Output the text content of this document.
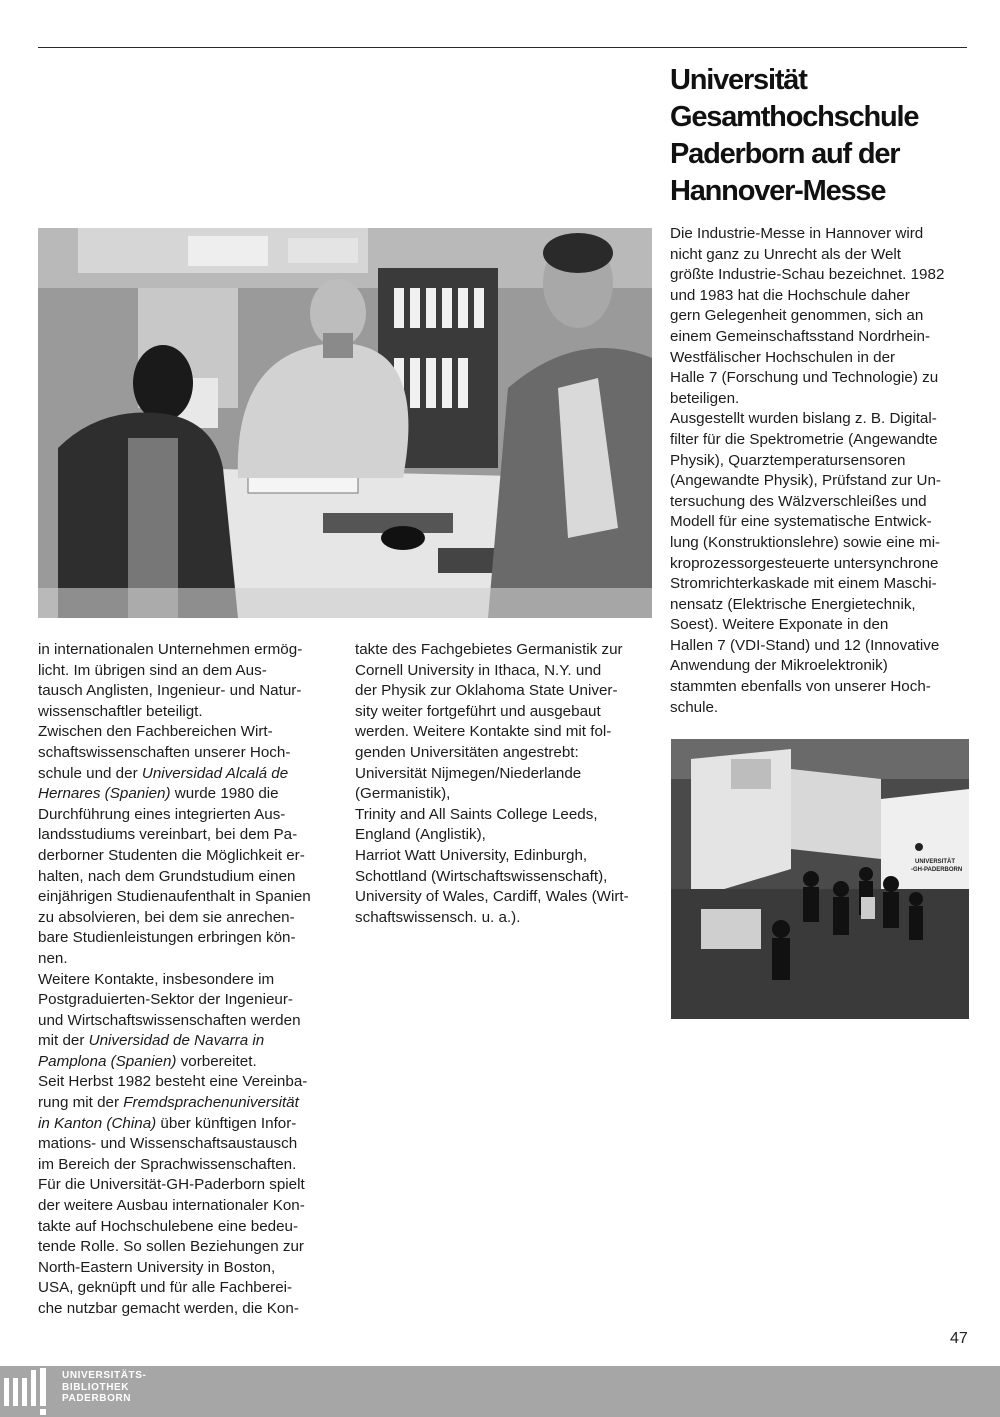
Universität
Gesamthochschule
Paderborn auf der
Hannover-Messe
UNIVERSITÄT
-GH-PADERBORN

in internationalen Unternehmen ermög-
licht. Im übrigen sind an dem Aus-
tausch Anglisten, Ingenieur- und Natur-
wissenschaftler beteiligt.

Zwischen den Fachbereichen Wirt-
schaftswissenschaften unserer Hoch-
schule und der Universidad Alcalá de
Hernares (Spanien) wurde 1980 die
Durchführung eines integrierten Aus-
landsstudiums vereinbart, bei dem Pa-
derborner Studenten die Möglichkeit er-
halten, nach dem Grundstudium einen
einjährigen Studienaufenthalt in Spanien
zu absolvieren, bei dem sie anrechen-
bare Studienleistungen erbringen kön-
nen.

Weitere Kontakte, insbesondere im
Postgraduierten-Sektor der Ingenieur-
und Wirtschaftswissenschaften werden
mit der Universidad de Navarra in
Pamplona (Spanien) vorbereitet.

Seit Herbst 1982 besteht eine Vereinba-
rung mit der Fremdsprachenuniversität
in Kanton (China) über künftigen Infor-
mations- und Wissenschaftsaustausch
im Bereich der Sprachwissenschaften.

Für die Universität-GH-Paderborn spielt
der weitere Ausbau internationaler Kon-
takte auf Hochschulebene eine bedeu-
tende Rolle. So sollen Beziehungen zur
North-Eastern University in Boston,
USA, geknüpft und für alle Fachberei-
che nutzbar gemacht werden, die Kon-

takte des Fachgebietes Germanistik zur
Cornell University in Ithaca, N.Y. und
der Physik zur Oklahoma State Univer-
sity weiter fortgeführt und ausgebaut
werden. Weitere Kontakte sind mit fol-
genden Universitäten angestrebt:
Universität Nijmegen/Niederlande
(Germanistik),
Trinity and All Saints College Leeds,
England (Anglistik),
Harriot Watt University, Edinburgh,
Schottland (Wirtschaftswissenschaft),
University of Wales, Cardiff, Wales (Wirt-
schaftswissensch. u. a.).

Die Industrie-Messe in Hannover wird
nicht ganz zu Unrecht als der Welt
größte Industrie-Schau bezeichnet. 1982
und 1983 hat die Hochschule daher
gern Gelegenheit genommen, sich an
einem Gemeinschaftsstand Nordrhein-
Westfälischer Hochschulen in der
Halle 7 (Forschung und Technologie) zu
beteiligen.

Ausgestellt wurden bislang z. B. Digital-
filter für die Spektrometrie (Angewandte
Physik), Quarztemperatursensoren
(Angewandte Physik), Prüfstand zur Un-
tersuchung des Wälzverschleißes und
Modell für eine systematische Entwick-
lung (Konstruktionslehre) sowie eine mi-
kroprozessorgesteuerte untersynchrone
Stromrichterkaskade mit einem Maschi-
nensatz (Elektrische Energietechnik,
Soest). Weitere Exponate in den
Hallen 7 (VDI-Stand) und 12 (Innovative
Anwendung der Mikroelektronik)
stammten ebenfalls von unserer Hoch-
schule.

47
UNIVERSITÄTS-
BIBLIOTHEK
PADERBORN
